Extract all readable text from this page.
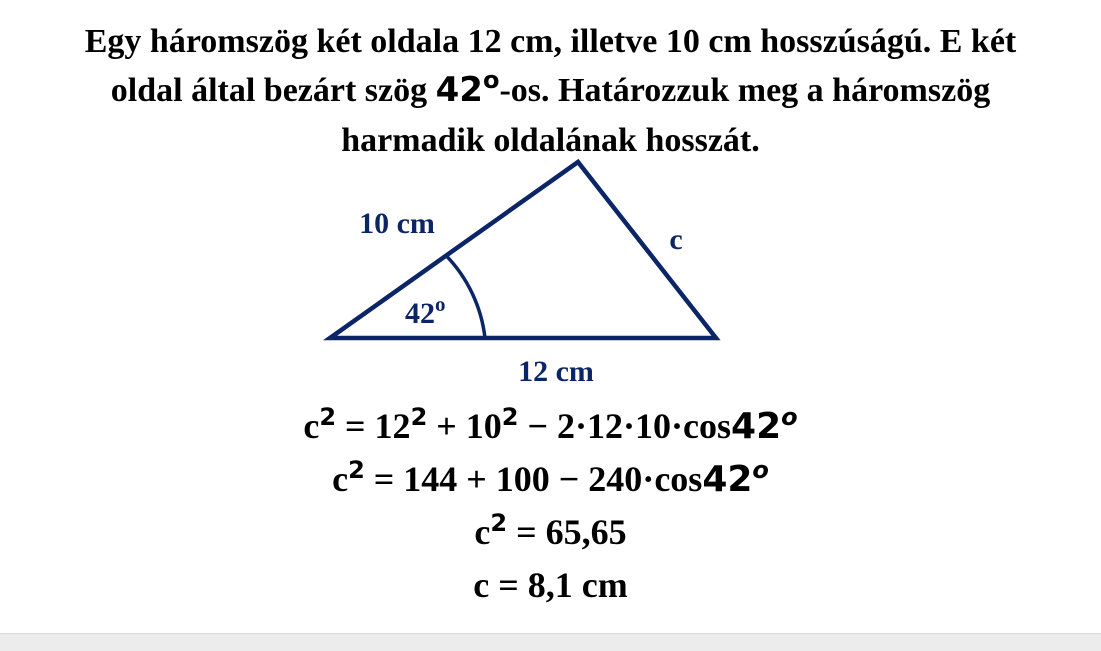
Egy háromszög két oldala 12 cm, illetve 10 cm hosszúságú. E két
oldal által bezárt szög 42$^o$-os. Határozzuk meg a háromszög
harmadik oldalának hosszát.
10 cm	c
12 cm
42$^o$
$c^2 = 12^2 + 10^2 - 2\cdot 12\cdot 10\cdot\cos 42^o$
$c^2 = 144 + 100 - 240\cdot\cos 42^o$
$c^2 = 65,65$
c = 8,1 cm
